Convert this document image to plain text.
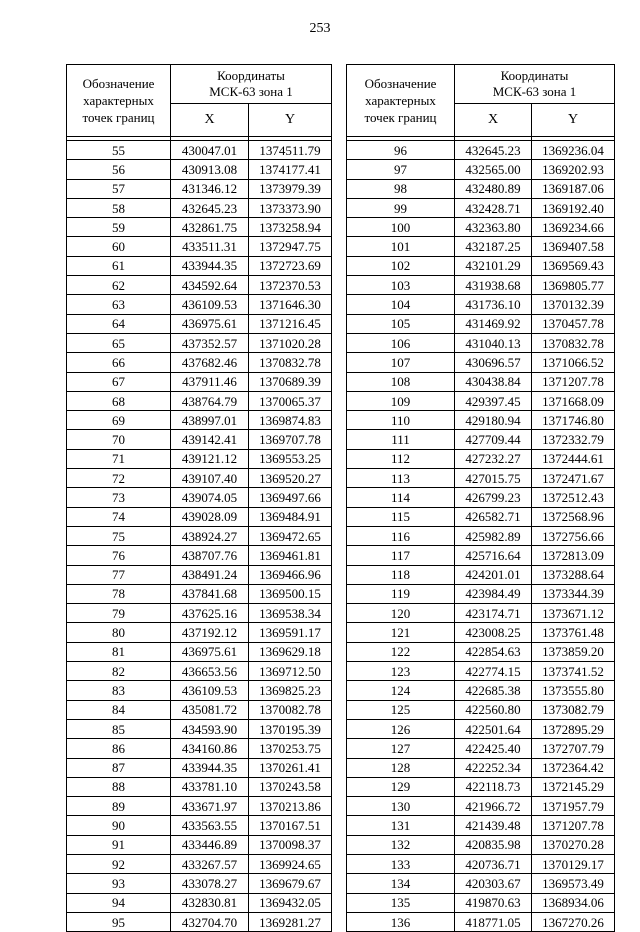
253
Обозначение
характерных
точек границ	Координаты
МСК-63 зона 1	
	X	Y

55	430047.01	1374511.79
56	430913.08	1374177.41
57	431346.12	1373979.39
58	432645.23	1373373.90
59	432861.75	1373258.94
60	433511.31	1372947.75
61	433944.35	1372723.69
62	434592.64	1372370.53
63	436109.53	1371646.30
64	436975.61	1371216.45
65	437352.57	1371020.28
66	437682.46	1370832.78
67	437911.46	1370689.39
68	438764.79	1370065.37
69	438997.01	1369874.83
70	439142.41	1369707.78
71	439121.12	1369553.25
72	439107.40	1369520.27
73	439074.05	1369497.66
74	439028.09	1369484.91
75	438924.27	1369472.65
76	438707.76	1369461.81
77	438491.24	1369466.96
78	437841.68	1369500.15
79	437625.16	1369538.34
80	437192.12	1369591.17
81	436975.61	1369629.18
82	436653.56	1369712.50
83	436109.53	1369825.23
84	435081.72	1370082.78
85	434593.90	1370195.39
86	434160.86	1370253.75
87	433944.35	1370261.41
88	433781.10	1370243.58
89	433671.97	1370213.86
90	433563.55	1370167.51
91	433446.89	1370098.37
92	433267.57	1369924.65
93	433078.27	1369679.67
94	432830.81	1369432.05
95	432704.70	1369281.27
Обозначение
характерных
точек границ	Координаты
МСК-63 зона 1	
	X	Y

96	432645.23	1369236.04
97	432565.00	1369202.93
98	432480.89	1369187.06
99	432428.71	1369192.40
100	432363.80	1369234.66
101	432187.25	1369407.58
102	432101.29	1369569.43
103	431938.68	1369805.77
104	431736.10	1370132.39
105	431469.92	1370457.78
106	431040.13	1370832.78
107	430696.57	1371066.52
108	430438.84	1371207.78
109	429397.45	1371668.09
110	429180.94	1371746.80
111	427709.44	1372332.79
112	427232.27	1372444.61
113	427015.75	1372471.67
114	426799.23	1372512.43
115	426582.71	1372568.96
116	425982.89	1372756.66
117	425716.64	1372813.09
118	424201.01	1373288.64
119	423984.49	1373344.39
120	423174.71	1373671.12
121	423008.25	1373761.48
122	422854.63	1373859.20
123	422774.15	1373741.52
124	422685.38	1373555.80
125	422560.80	1373082.79
126	422501.64	1372895.29
127	422425.40	1372707.79
128	422252.34	1372364.42
129	422118.73	1372145.29
130	421966.72	1371957.79
131	421439.48	1371207.78
132	420835.98	1370270.28
133	420736.71	1370129.17
134	420303.67	1369573.49
135	419870.63	1368934.06
136	418771.05	1367270.26
